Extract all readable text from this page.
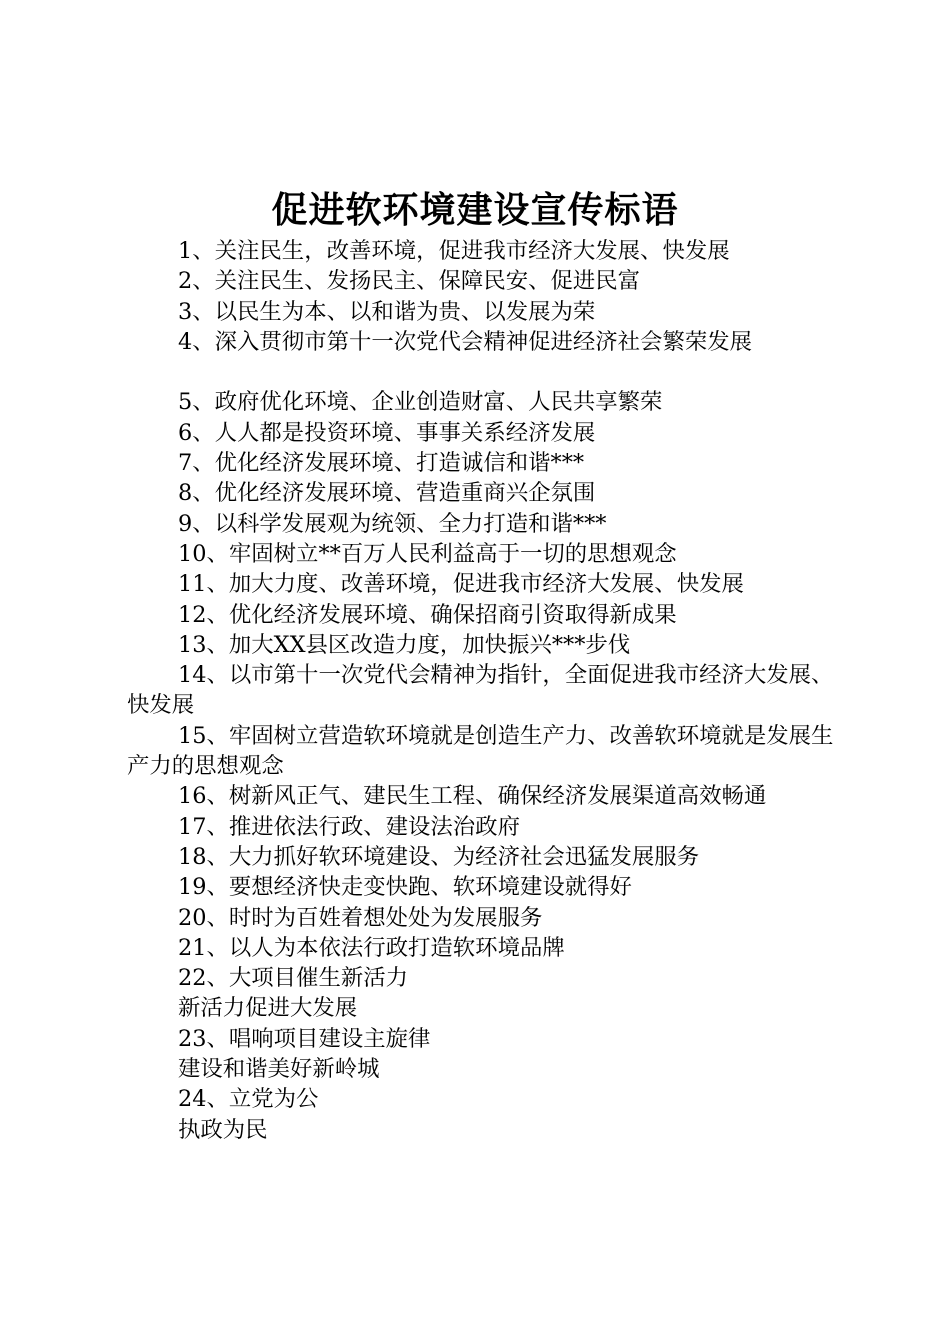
促进软环境建设宣传标语

1、关注民生，改善环境，促进我市经济大发展、快发展

2、关注民生、发扬民主、保障民安、促进民富

3、以民生为本、以和谐为贵、以发展为荣

4、深入贯彻市第十一次党代会精神促进经济社会繁荣发展

5、政府优化环境、企业创造财富、人民共享繁荣

6、人人都是投资环境、事事关系经济发展

7、优化经济发展环境、打造诚信和谐***

8、优化经济发展环境、营造重商兴企氛围

9、以科学发展观为统领、全力打造和谐***

10、牢固树立**百万人民利益高于一切的思想观念

11、加大力度、改善环境，促进我市经济大发展、快发展

12、优化经济发展环境、确保招商引资取得新成果

13、加大XX县区改造力度，加快振兴***步伐

14、以市第十一次党代会精神为指针，全面促进我市经济大发展、快发展

15、牢固树立营造软环境就是创造生产力、改善软环境就是发展生产力的思想观念

16、树新风正气、建民生工程、确保经济发展渠道高效畅通

17、推进依法行政、建设法治政府

18、大力抓好软环境建设、为经济社会迅猛发展服务

19、要想经济快走变快跑、软环境建设就得好

20、时时为百姓着想处处为发展服务

21、以人为本依法行政打造软环境品牌

22、大项目催生新活力

新活力促进大发展

23、唱响项目建设主旋律

建设和谐美好新岭城

24、立党为公

执政为民
